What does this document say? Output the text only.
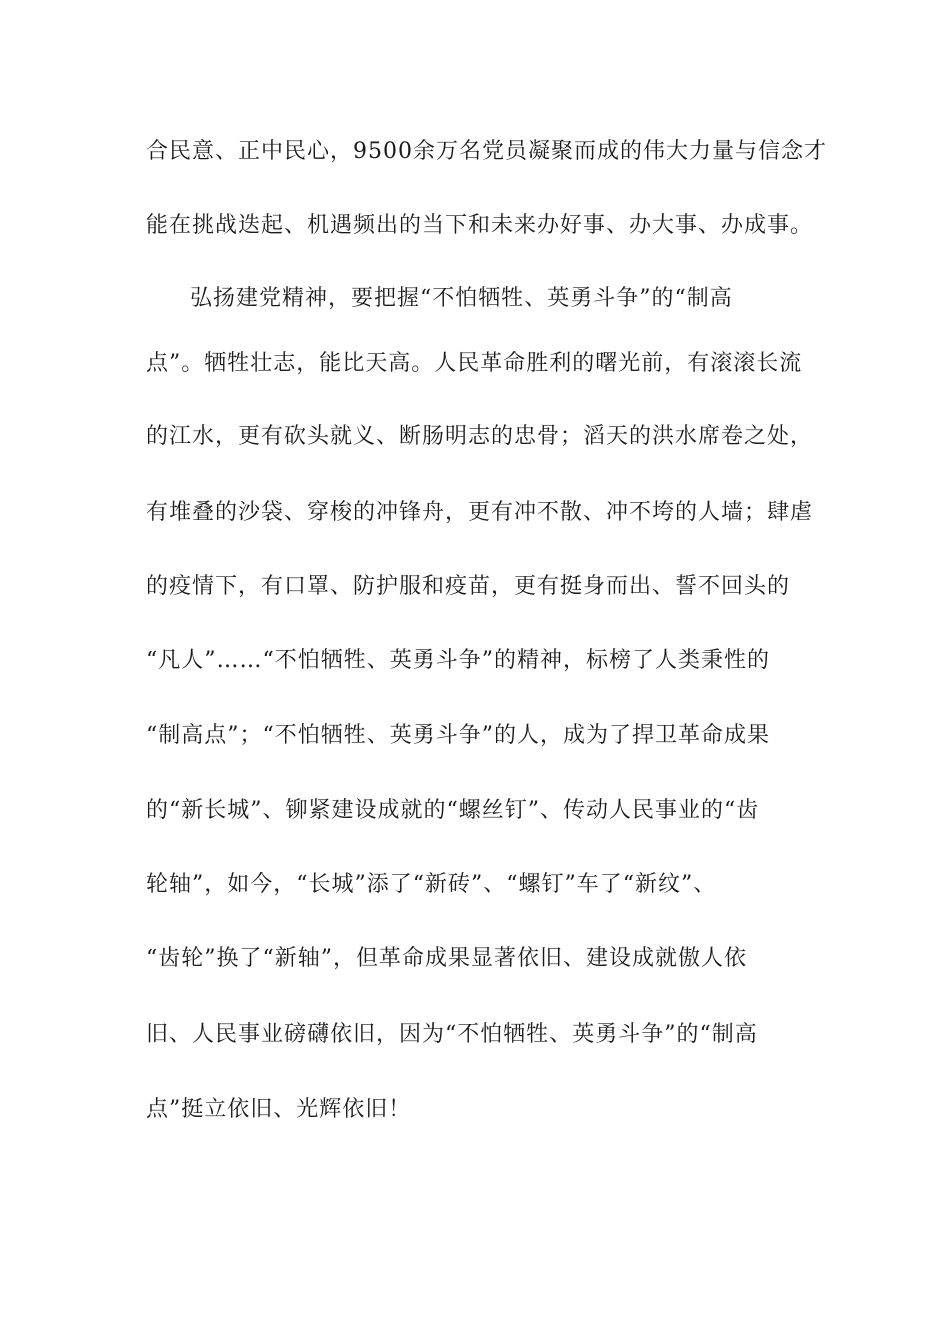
合民意、正中民心，9500余万名党员凝聚而成的伟大力量与信念才
能在挑战迭起、机遇频出的当下和未来办好事、办大事、办成事。
弘扬建党精神，要把握“不怕牺牲、英勇斗争”的“制高
点”。牺牲壮志，能比天高。人民革命胜利的曙光前，有滚滚长流
的江水，更有砍头就义、断肠明志的忠骨；滔天的洪水席卷之处，
有堆叠的沙袋、穿梭的冲锋舟，更有冲不散、冲不垮的人墙；肆虐
的疫情下，有口罩、防护服和疫苗，更有挺身而出、誓不回头的
“凡人”……“不怕牺牲、英勇斗争”的精神，标榜了人类秉性的
“制高点”；“不怕牺牲、英勇斗争”的人，成为了捍卫革命成果
的“新长城”、铆紧建设成就的“螺丝钉”、传动人民事业的“齿
轮轴”，如今，“长城”添了“新砖”、“螺钉”车了“新纹”、
“齿轮”换了“新轴”，但革命成果显著依旧、建设成就傲人依
旧、人民事业磅礴依旧，因为“不怕牺牲、英勇斗争”的“制高
点”挺立依旧、光辉依旧！
